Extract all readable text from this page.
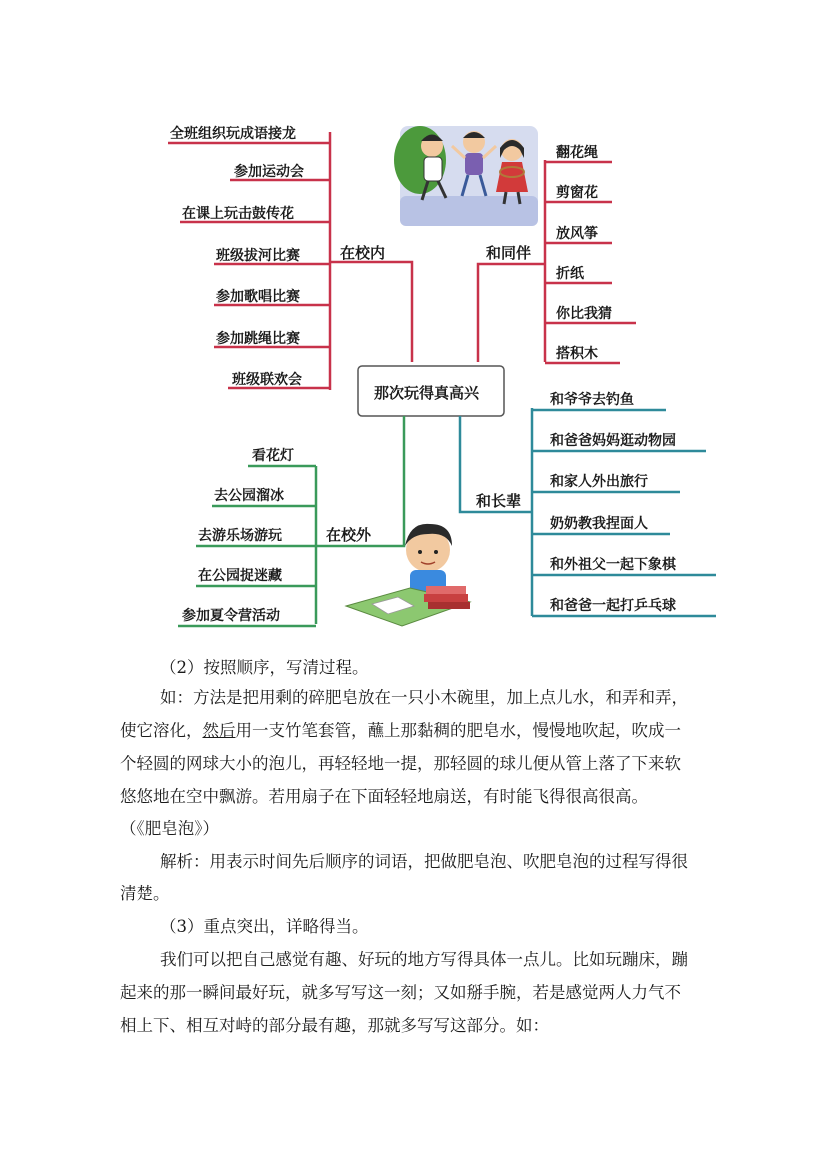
在校内
全班组织玩成语接龙
参加运动会
在课上玩击鼓传花
班级拔河比赛
参加歌唱比赛
参加跳绳比赛
班级联欢会
和同伴
翻花绳
剪窗花
放风筝
折纸
你比我猜
搭积木
那次玩得真高兴
在校外
看花灯
去公园溜冰
去游乐场游玩
在公园捉迷藏
参加夏令营活动
和长辈
和爷爷去钓鱼
和爸爸妈妈逛动物园
和家人外出旅行
奶奶教我捏面人
和外祖父一起下象棋
和爸爸一起打乒乓球
（2）按照顺序，写清过程。
如：方法是把用剩的碎肥皂放在一只小木碗里，加上点儿水，和弄和弄，
使它溶化，然后用一支竹笔套管，蘸上那黏稠的肥皂水，慢慢地吹起，吹成一
个轻圆的网球大小的泡儿，再轻轻地一提，那轻圆的球儿便从管上落了下来软
悠悠地在空中飘游。若用扇子在下面轻轻地扇送，有时能飞得很高很高。
（《肥皂泡》）
解析：用表示时间先后顺序的词语，把做肥皂泡、吹肥皂泡的过程写得很
清楚。
（3）重点突出，详略得当。
我们可以把自己感觉有趣、好玩的地方写得具体一点儿。比如玩蹦床，蹦
起来的那一瞬间最好玩，就多写写这一刻；又如掰手腕，若是感觉两人力气不
相上下、相互对峙的部分最有趣，那就多写写这部分。如：
